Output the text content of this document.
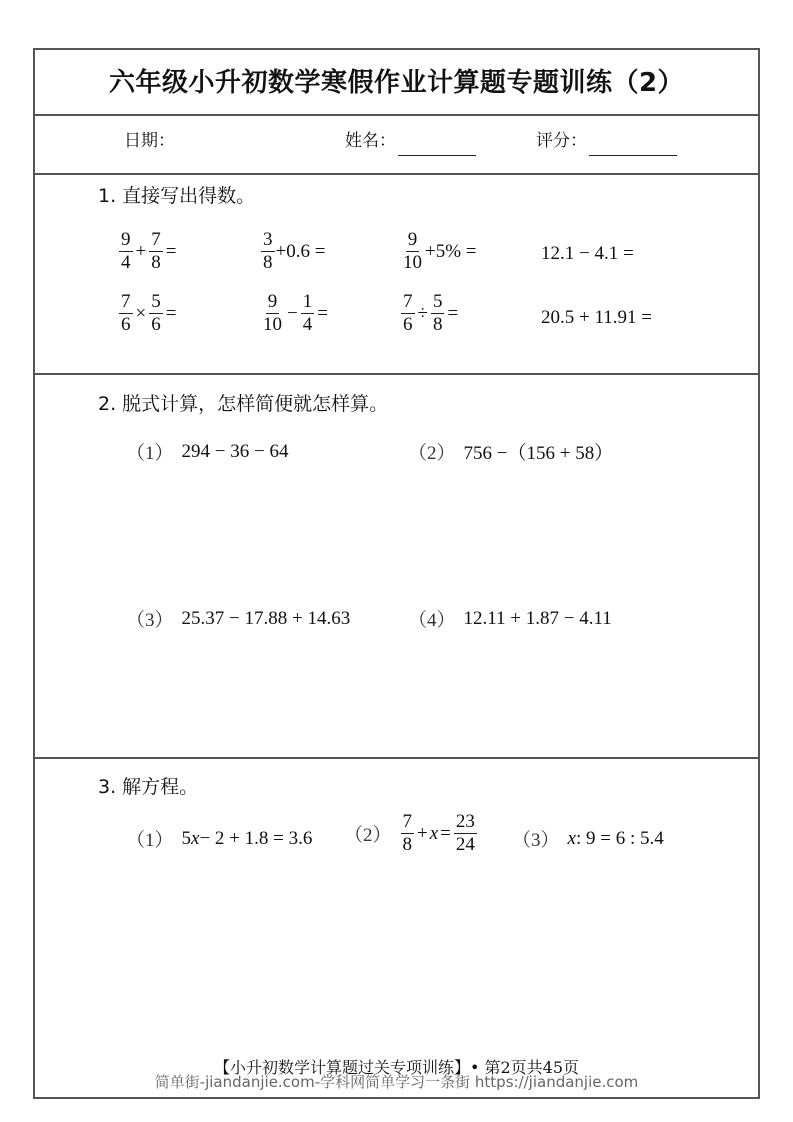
六年级小升初数学寒假作业计算题专题训练（2）
日期：	姓名：	评分：
1. 直接写出得数。
$\frac{9}{4} + \frac{7}{8}$ =	$\frac{3}{8} +0.6$ =	$\frac{9}{10} +5\%$ =	12.1 − 4.1 =
$\frac{7}{6} \times \frac{5}{6}$ =	$\frac{9}{10} - \frac{1}{4}$ =	$\frac{7}{6} \div \frac{5}{8}$ =	20.5 + 11.91 =
2. 脱式计算，怎样简便就怎样算。
（1） 294 − 36 − 64	（2） 756 −（156 + 58）
（3） 25.37 − 17.88 + 14.63	（4） 12.11 + 1.87 − 4.11
3. 解方程。
（1） 5 x − 2 + 1.8 = 3.6 $(2) \frac{7}{8} + x = \frac{23}{24} (3)$ x : 9 = 6 : 5.4
【小升初数学计算题过关专项训练】• 第2页共45页
简单街-jiandanjie.com-学科网简单学习一条街 https://jiandanjie.com
